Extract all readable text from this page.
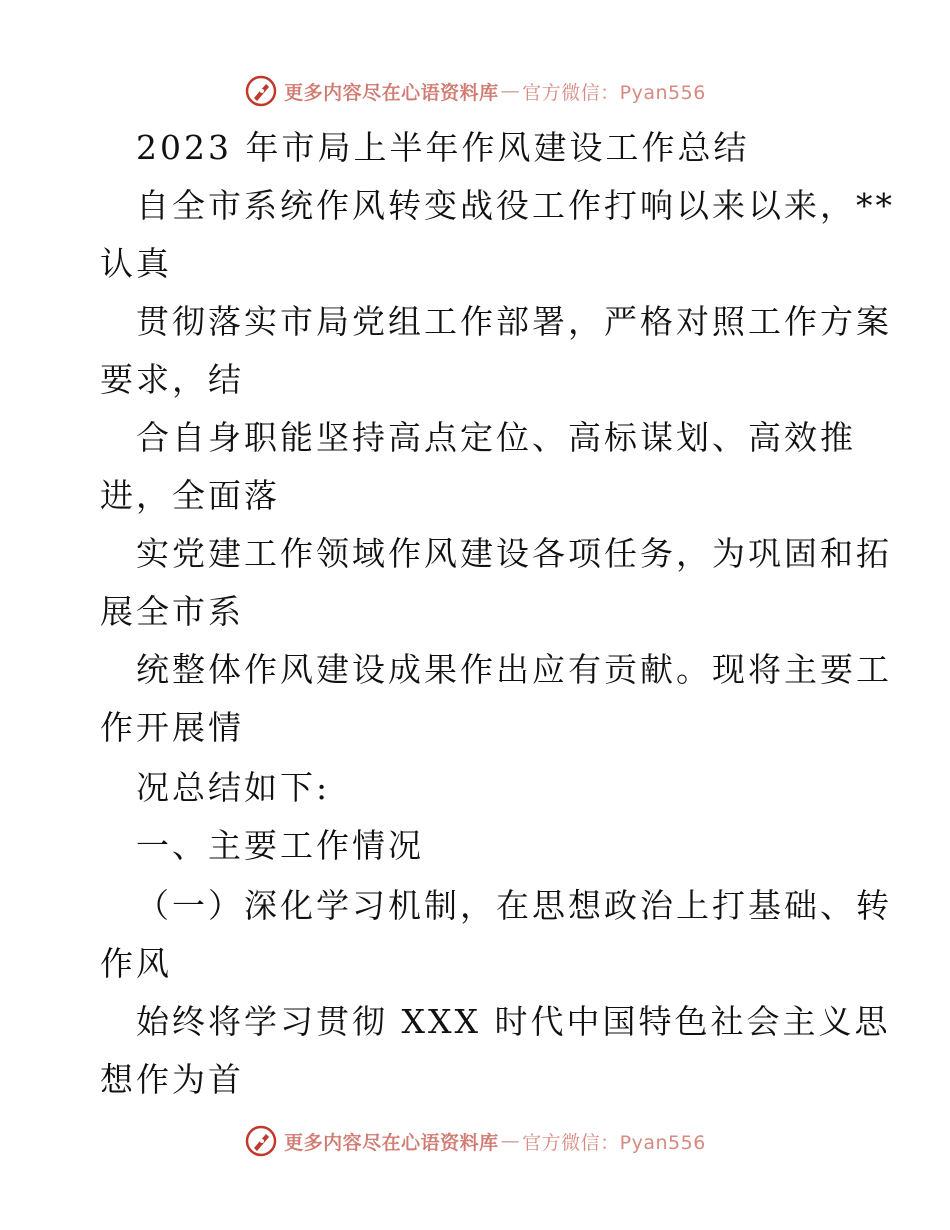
更多内容尽在心语资料库 — 官方微信：Pyan556
2023 年市局上半年作风建设工作总结
自全市系统作风转变战役工作打响以来以来，**
认真
贯彻落实市局党组工作部署，严格对照工作方案
要求，结
合自身职能坚持高点定位、高标谋划、高效推
进，全面落
实党建工作领域作风建设各项任务，为巩固和拓
展全市系
统整体作风建设成果作出应有贡献。现将主要工
作开展情
况总结如下:
一、主要工作情况
（一）深化学习机制，在思想政治上打基础、转
作风
始终将学习贯彻 XXX 时代中国特色社会主义思
想作为首
更多内容尽在心语资料库 — 官方微信：Pyan556
